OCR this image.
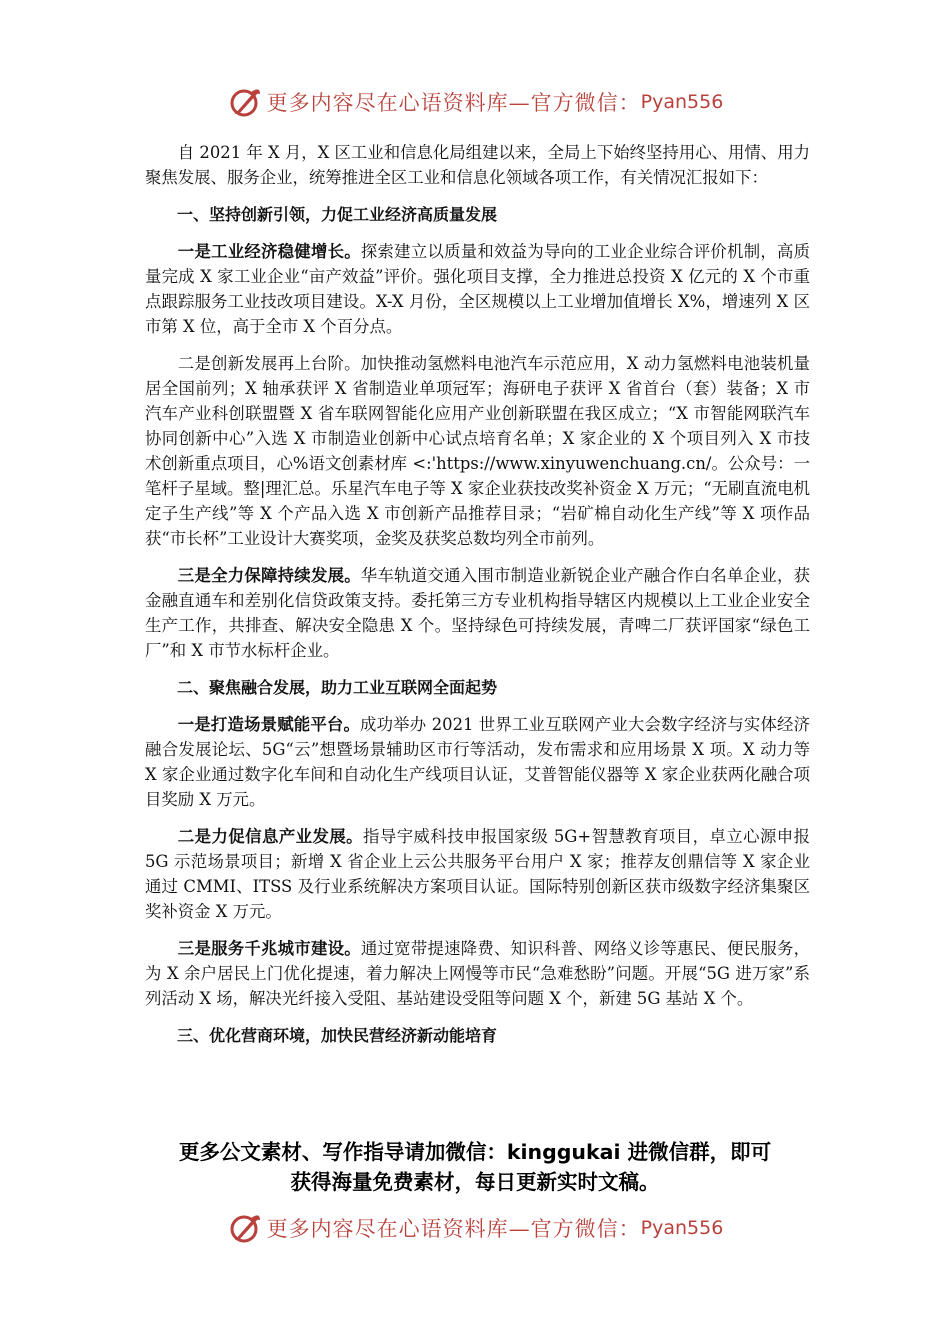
更多内容尽在心语资料库—官方微信： Pyan556

自 2021 年 X 月，X 区工业和信息化局组建以来，全局上下始终坚持用心、用情、用力聚焦发展、服务企业，统筹推进全区工业和信息化领域各项工作，有关情况汇报如下：

一、坚持创新引领，力促工业经济高质量发展

一是工业经济稳健增长。探索建立以质量和效益为导向的工业企业综合评价机制，高质量完成 X 家工业企业“亩产效益”评价。强化项目支撑，全力推进总投资 X 亿元的 X 个市重点跟踪服务工业技改项目建设。X-X 月份，全区规模以上工业增加值增长 X%，增速列 X 区市第 X 位，高于全市 X 个百分点。

二是创新发展再上台阶。加快推动氢燃料电池汽车示范应用，X 动力氢燃料电池装机量居全国前列；X 轴承获评 X 省制造业单项冠军；海研电子获评 X 省首台（套）装备；X 市汽车产业科创联盟暨 X 省车联网智能化应用产业创新联盟在我区成立；“X 市智能网联汽车协同创新中心”入选 X 市制造业创新中心试点培育名单；X 家企业的 X 个项目列入 X 市技术创新重点项目，心%语文创素材库 <:'https://www.xinyuwenchuang.cn/。公众号：一笔杆子星域。整|理汇总。乐星汽车电子等 X 家企业获技改奖补资金 X 万元；“无刷直流电机定子生产线”等 X 个产品入选 X 市创新产品推荐目录；“岩矿棉自动化生产线”等 X 项作品获“市长杯”工业设计大赛奖项，金奖及获奖总数均列全市前列。

三是全力保障持续发展。华车轨道交通入围市制造业新锐企业产融合作白名单企业，获金融直通车和差别化信贷政策支持。委托第三方专业机构指导辖区内规模以上工业企业安全生产工作，共排查、解决安全隐患 X 个。坚持绿色可持续发展，青啤二厂获评国家“绿色工厂”和 X 市节水标杆企业。

二、聚焦融合发展，助力工业互联网全面起势

一是打造场景赋能平台。成功举办 2021 世界工业互联网产业大会数字经济与实体经济融合发展论坛、5G“云”想暨场景辅助区市行等活动，发布需求和应用场景 X 项。X 动力等 X 家企业通过数字化车间和自动化生产线项目认证，艾普智能仪器等 X 家企业获两化融合项目奖励 X 万元。

二是力促信息产业发展。指导宇威科技申报国家级 5G+智慧教育项目，卓立心源申报 5G 示范场景项目；新增 X 省企业上云公共服务平台用户 X 家；推荐友创鼎信等 X 家企业通过 CMMI、ITSS 及行业系统解决方案项目认证。国际特别创新区获市级数字经济集聚区奖补资金 X 万元。

三是服务千兆城市建设。通过宽带提速降费、知识科普、网络义诊等惠民、便民服务，为 X 余户居民上门优化提速，着力解决上网慢等市民“急难愁盼”问题。开展“5G 进万家”系列活动 X 场，解决光纤接入受阻、基站建设受阻等问题 X 个，新建 5G 基站 X 个。

三、优化营商环境，加快民营经济新动能培育

更多公文素材、写作指导请加微信：kinggukai 进微信群，即可
获得海量免费素材，每日更新实时文稿。
更多内容尽在心语资料库—官方微信： Pyan556
